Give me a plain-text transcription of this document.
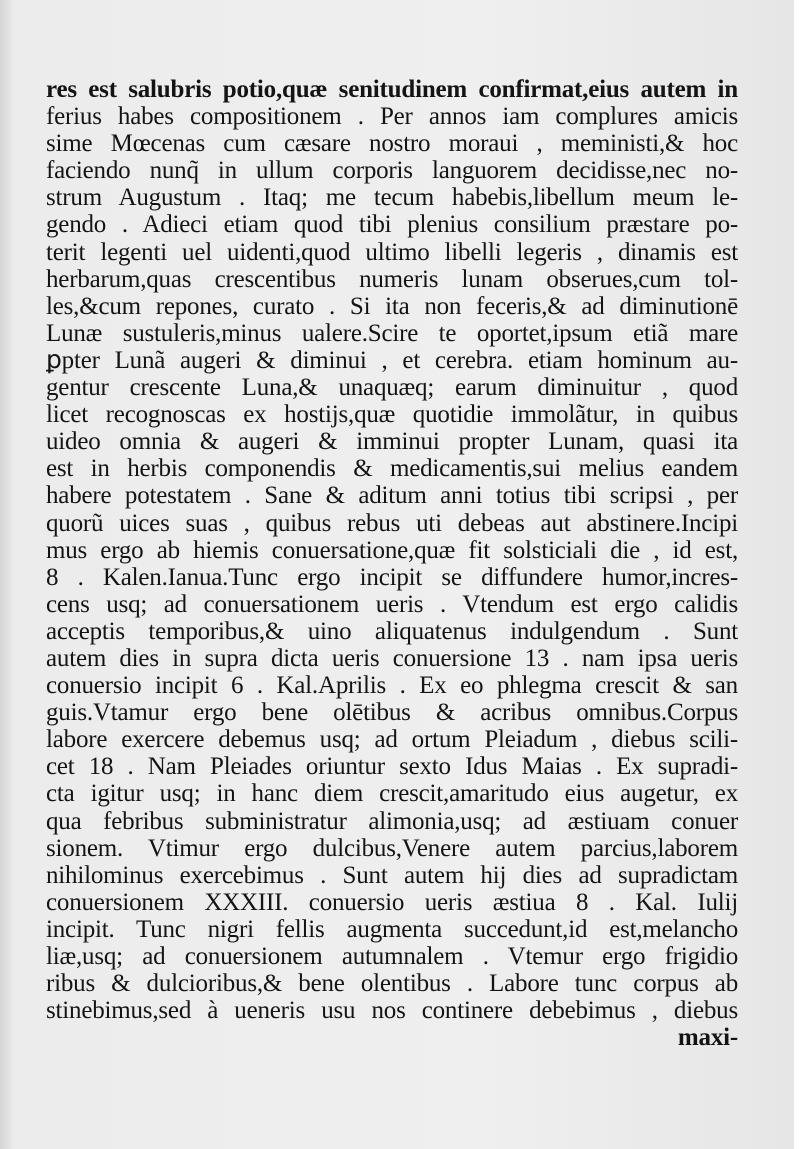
res est salubris potio,quæ senitudinem confirmat,eius autem in
ferius habes compositionem . Per annos iam complures amicis
sime Mœcenas cum cæsare nostro moraui , meministi,& hoc
faciendo nunq̃ in ullum corporis languorem decidisse,nec no-
strum Augustum . Itaq; me tecum habebis,libellum meum le-
gendo . Adieci etiam quod tibi plenius consilium præstare po-
terit legenti uel uidenti,quod ultimo libelli legeris , dinamis est
herbarum,quas crescentibus numeris lunam obserues,cum tol-
les,&cum repones, curato . Si ita non feceris,& ad diminutionē
Lunæ sustuleris,minus ualere.Scire te oportet,ipsum etiã mare
ꝑpter Lunã augeri & diminui , et cerebra. etiam hominum au-
gentur crescente Luna,& unaquæq; earum diminuitur , quod
licet recognoscas ex hostijs,quæ quotidie immolãtur, in quibus
uideo omnia & augeri & imminui propter Lunam, quasi ita
est in herbis componendis & medicamentis,sui melius eandem
habere potestatem . Sane & aditum anni totius tibi scripsi , per
quorũ uices suas , quibus rebus uti debeas aut abstinere.Incipi
mus ergo ab hiemis conuersatione,quæ fit solsticiali die , id est,
8 . Kalen.Ianua.Tunc ergo incipit se diffundere humor,incres-
cens usq; ad conuersationem ueris . Vtendum est ergo calidis
acceptis temporibus,& uino aliquatenus indulgendum . Sunt
autem dies in supra dicta ueris conuersione 13 . nam ipsa ueris
conuersio incipit 6 . Kal.Aprilis . Ex eo phlegma crescit & san
guis.Vtamur ergo bene olētibus & acribus omnibus.Corpus
labore exercere debemus usq; ad ortum Pleiadum , diebus scili-
cet 18 . Nam Pleiades oriuntur sexto Idus Maias . Ex supradi-
cta igitur usq; in hanc diem crescit,amaritudo eius augetur, ex
qua febribus subministratur alimonia,usq; ad æstiuam conuer
sionem. Vtimur ergo dulcibus,Venere autem parcius,laborem
nihilominus exercebimus . Sunt autem hij dies ad supradictam
conuersionem XXXIII. conuersio ueris æstiua 8 . Kal. Iulij
incipit. Tunc nigri fellis augmenta succedunt,id est,melancho
liæ,usq; ad conuersionem autumnalem . Vtemur ergo frigidio
ribus & dulcioribus,& bene olentibus . Labore tunc corpus ab
stinebimus,sed à ueneris usu nos continere debebimus , diebus
maxi-
